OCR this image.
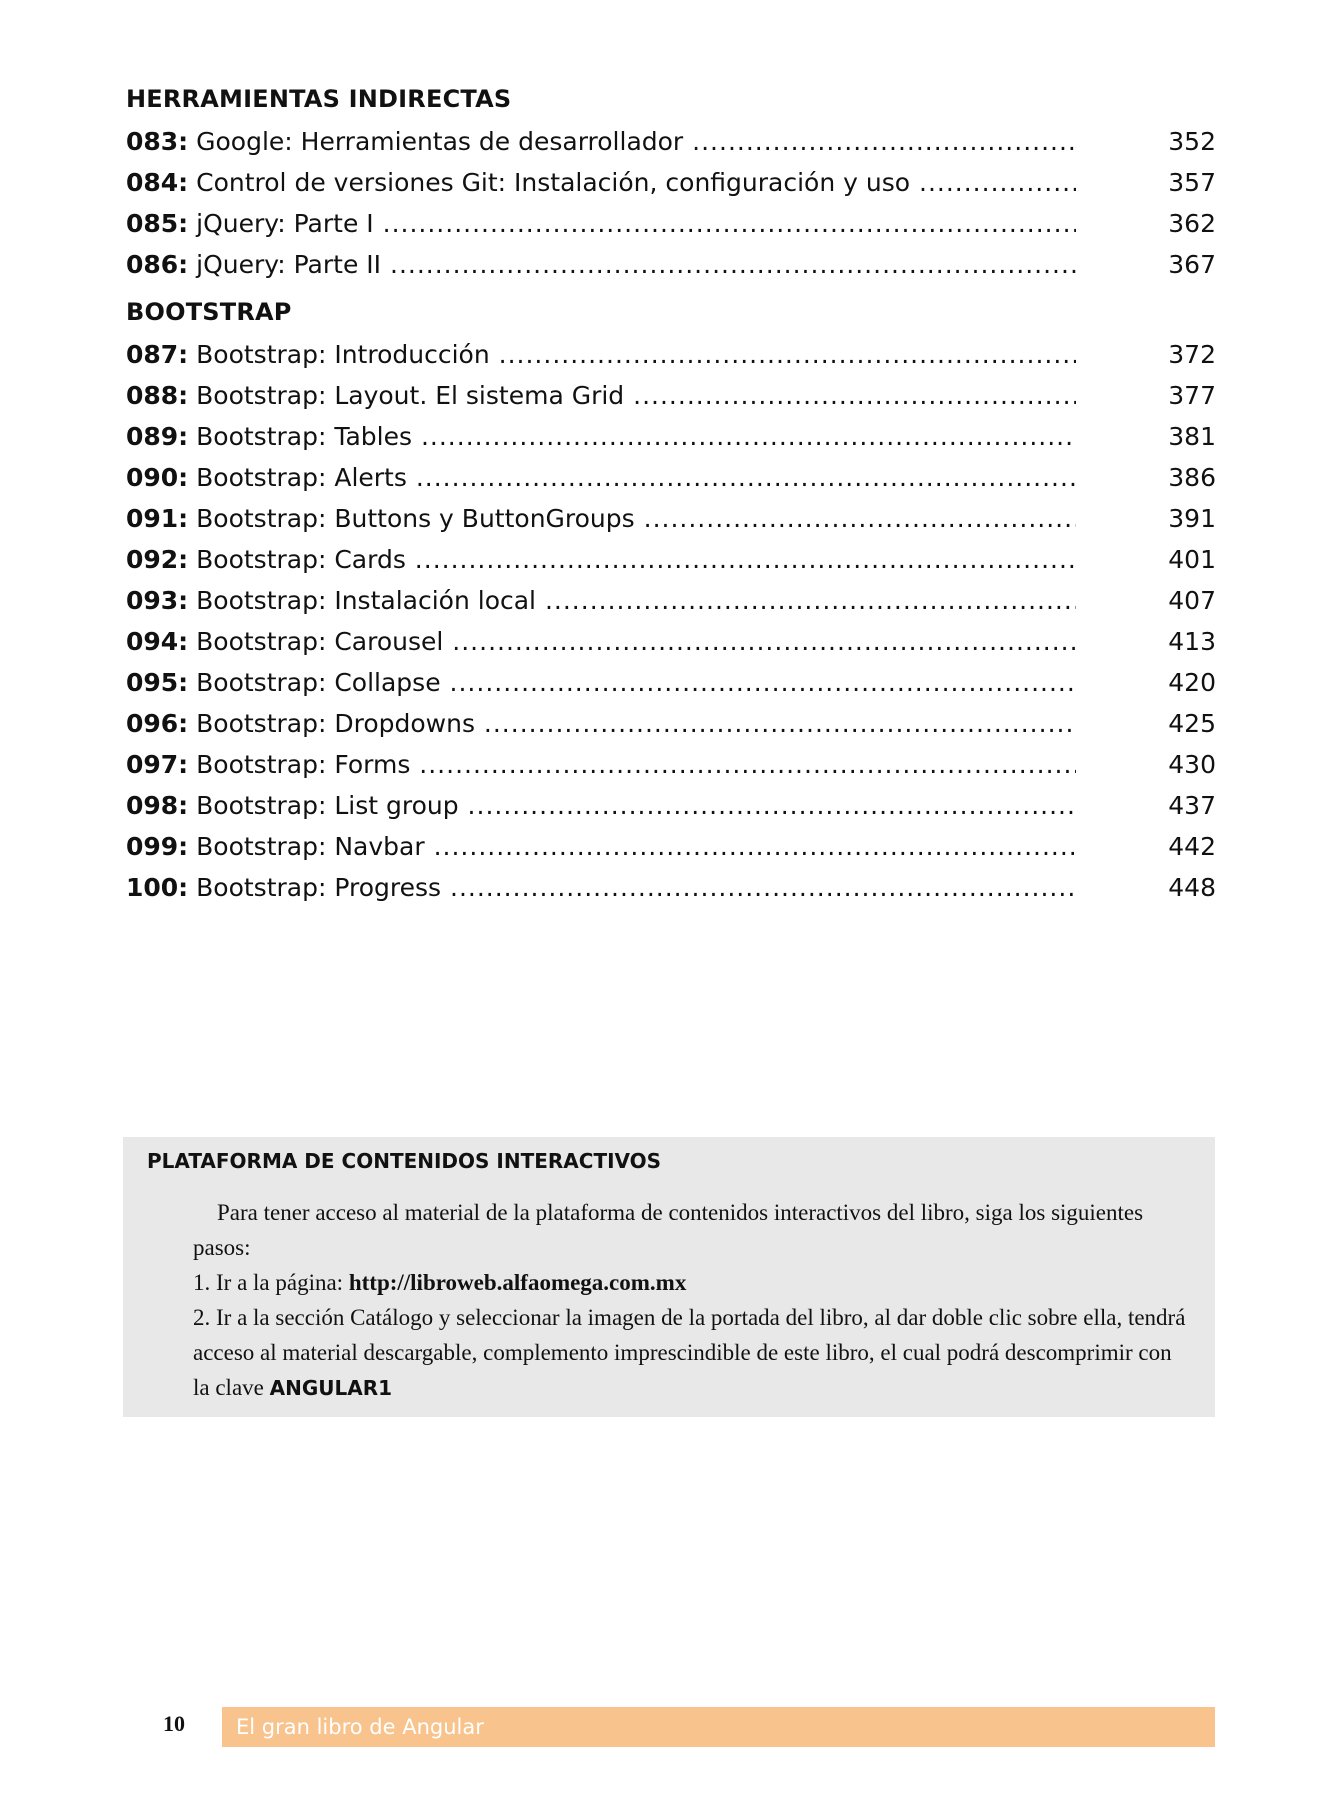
HERRAMIENTAS INDIRECTAS
083: Google: Herramientas de desarrollador .....	352
084: Control de versiones Git: Instalación, configuración y uso .....	357
085: jQuery: Parte I .....	362
086: jQuery: Parte II .....	367
BOOTSTRAP
087: Bootstrap: Introducción .....	372
088: Bootstrap: Layout. El sistema Grid .....	377
089: Bootstrap: Tables .....	381
090: Bootstrap: Alerts .....	386
091: Bootstrap: Buttons y ButtonGroups .....	391
092: Bootstrap: Cards .....	401
093: Bootstrap: Instalación local .....	407
094: Bootstrap: Carousel .....	413
095: Bootstrap: Collapse .....	420
096: Bootstrap: Dropdowns .....	425
097: Bootstrap: Forms .....	430
098: Bootstrap: List group .....	437
099: Bootstrap: Navbar .....	442
100: Bootstrap: Progress .....	448
PLATAFORMA DE CONTENIDOS INTERACTIVOS

Para tener acceso al material de la plataforma de contenidos interactivos del libro, siga los siguientes pasos:

1. Ir a la página: http://libroweb.alfaomega.com.mx

2. Ir a la sección Catálogo y seleccionar la imagen de la portada del libro, al dar doble clic sobre ella, tendrá acceso al material descargable, complemento imprescindible de este libro, el cual podrá descomprimir con la clave ANGULAR1

10 El gran libro de Angular
